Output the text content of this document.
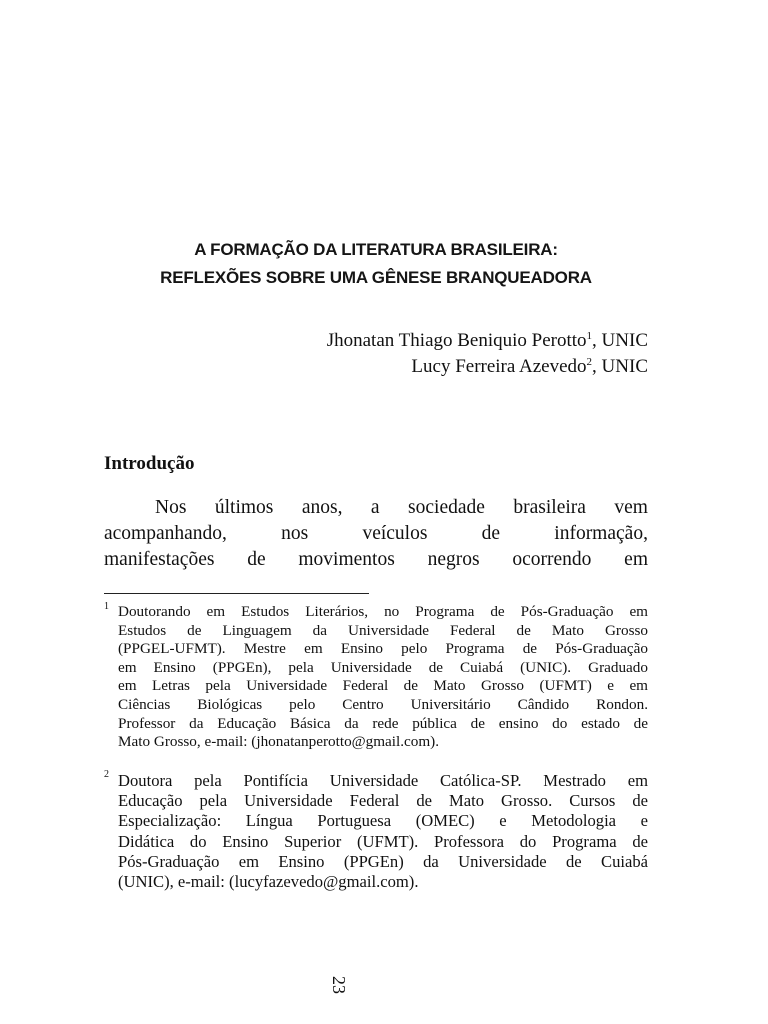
A FORMAÇÃO DA LITERATURA BRASILEIRA:
REFLEXÕES SOBRE UMA GÊNESE BRANQUEADORA
Jhonatan Thiago Beniquio Perotto$^1$, UNIC
Lucy Ferreira Azevedo$^2$, UNIC
Introdução
Nos últimos anos, a sociedade brasileira vem
acompanhando,	nos	veículos	de	informação,
manifestações de movimentos negros ocorrendo em
1 Doutorando em Estudos Literários, no Programa de Pós-Graduação em
Estudos de Linguagem da Universidade Federal de Mato Grosso
(PPGEL-UFMT). Mestre em Ensino pelo Programa de Pós-Graduação
em Ensino (PPGEn), pela Universidade de Cuiabá (UNIC). Graduado
em Letras pela Universidade Federal de Mato Grosso (UFMT) e em
Ciências Biológicas pelo Centro Universitário Cândido Rondon.
Professor da Educação Básica da rede pública de ensino do estado de
Mato Grosso, e-mail: (jhonatanperotto@gmail.com).
2 Doutora pela Pontifícia Universidade Católica-SP. Mestrado em
Educação pela Universidade Federal de Mato Grosso. Cursos de
Especialização: Língua Portuguesa (OMEC) e Metodologia e
Didática do Ensino Superior (UFMT). Professora do Programa de
Pós-Graduação em Ensino (PPGEn) da Universidade de Cuiabá
(UNIC), e-mail: (lucyfazevedo@gmail.com).
23
